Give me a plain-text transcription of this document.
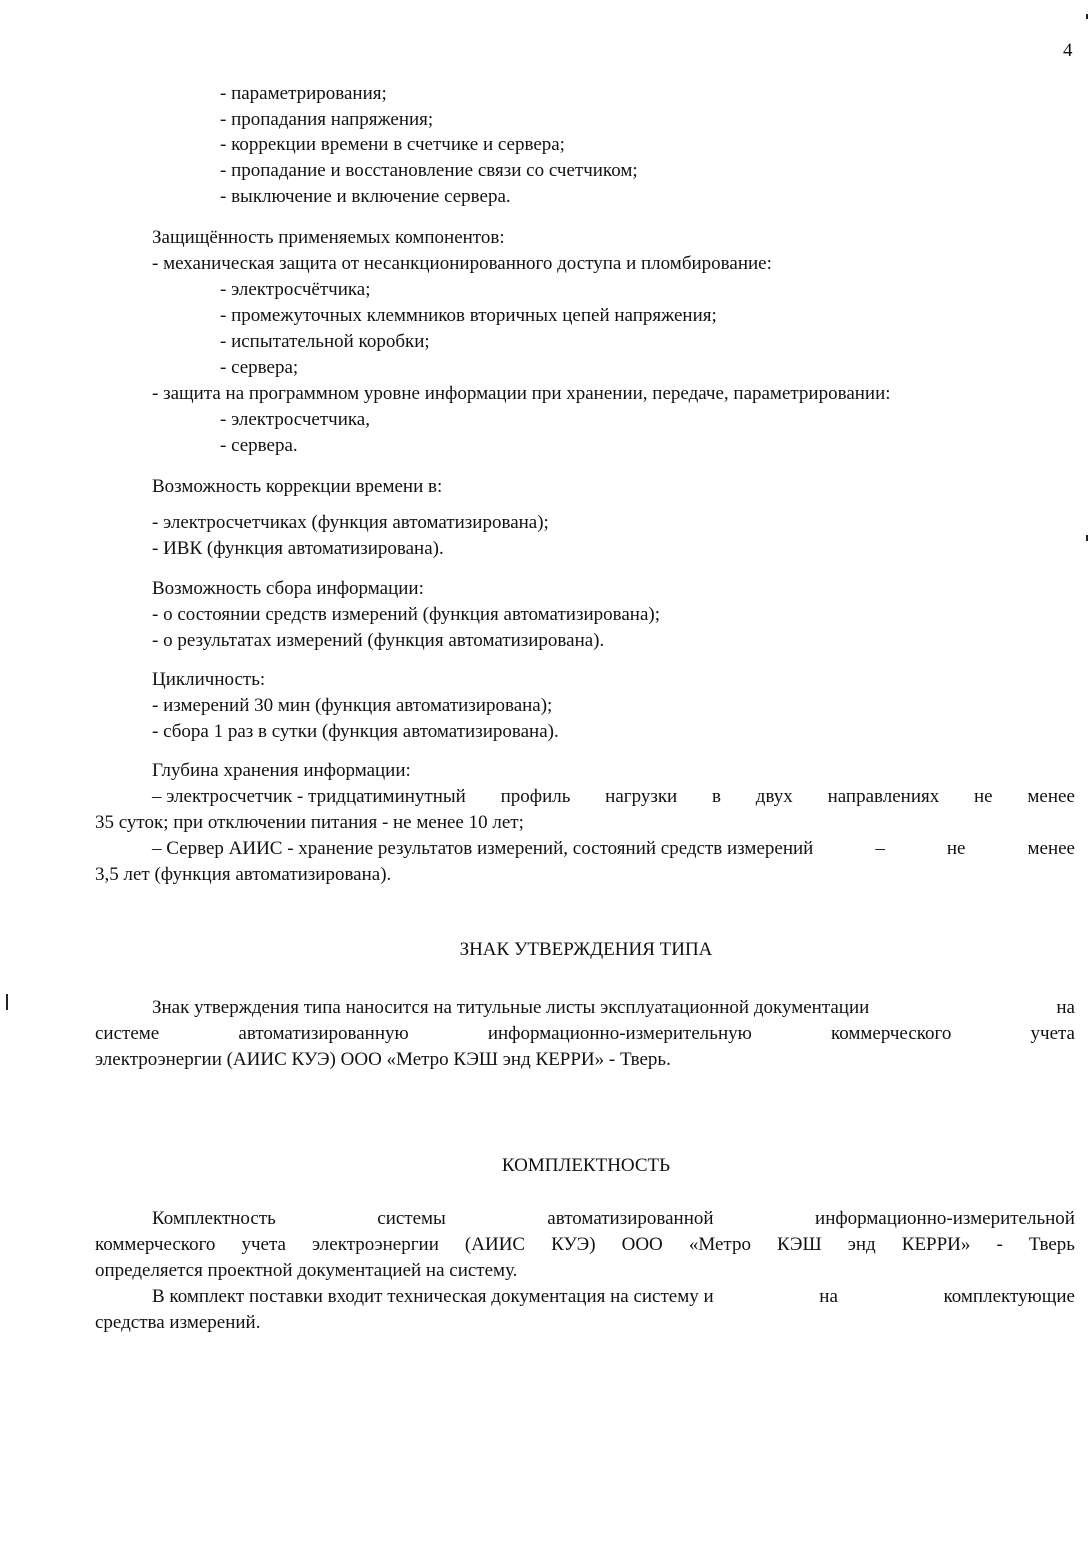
4
- параметрирования;
- пропадания напряжения;
- коррекции времени в счетчике и сервера;
- пропадание и восстановление связи со счетчиком;
- выключение и включение сервера.
Защищённость применяемых компонентов:
- механическая защита от несанкционированного доступа и пломбирование:
- электросчётчика;
- промежуточных клеммников вторичных цепей напряжения;
- испытательной коробки;
- сервера;
- защита на программном уровне информации при хранении, передаче, параметрировании:
- электросчетчика,
- сервера.
Возможность коррекции времени в:
- электросчетчиках (функция автоматизирована);
- ИВК (функция автоматизирована).
Возможность сбора информации:
- о состоянии средств измерений (функция автоматизирована);
- о результатах измерений (функция автоматизирована).
Цикличность:
- измерений 30 мин (функция автоматизирована);
- сбора 1 раз в сутки (функция автоматизирована).
Глубина хранения информации:
– электросчетчик - тридцатиминутный профиль нагрузки в двух направлениях не менее
35 суток; при отключении питания - не менее 10 лет;
– Сервер АИИС - хранение результатов измерений, состояний средств измерений	–	не	менее
3,5 лет (функция автоматизирована).
ЗНАК УТВЕРЖДЕНИЯ ТИПА
Знак утверждения типа наносится на титульные листы эксплуатационной документации	на
системе	автоматизированную	информационно-измерительную	коммерческого	учета
электроэнергии (АИИС КУЭ) ООО «Метро КЭШ энд КЕРРИ» - Тверь.
КОМПЛЕКТНОСТЬ
Комплектность	системы	автоматизированной	информационно-измерительной
коммерческого учета электроэнергии (АИИС КУЭ) ООО «Метро КЭШ энд КЕРРИ» - Тверь
определяется проектной документацией на систему.
В комплект поставки входит техническая документация на систему и	на	комплектующие
средства измерений.
